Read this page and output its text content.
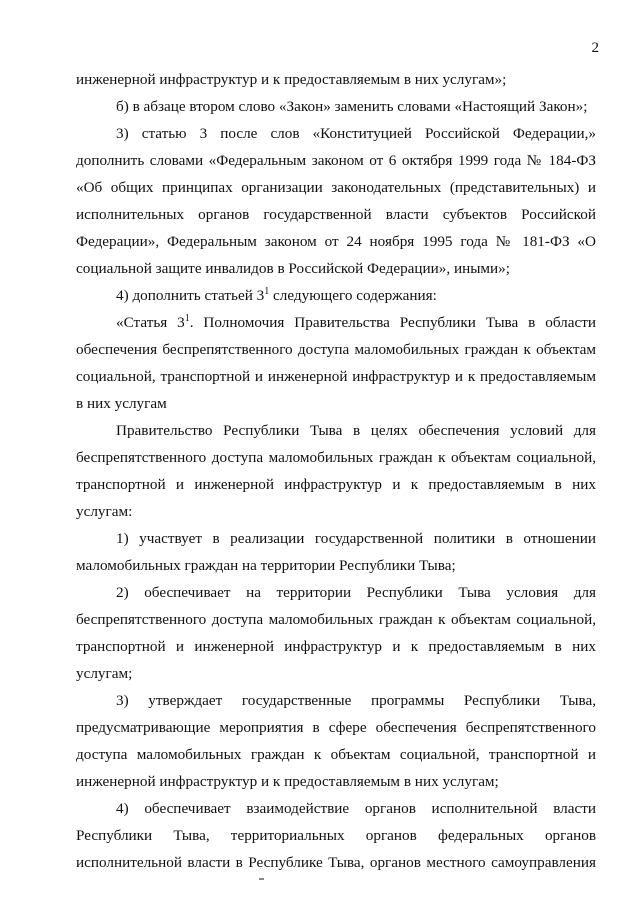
2
инженерной инфраструктур и к предоставляемым в них услугам»;
б) в абзаце втором слово «Закон» заменить словами «Настоящий Закон»;
3) статью 3 после слов «Конституцией Российской Федерации,»
дополнить словами «Федеральным законом от 6 октября 1999 года № 184-ФЗ
«Об общих принципах организации законодательных (представительных) и
исполнительных органов государственной власти субъектов Российской
Федерации», Федеральным законом от 24 ноября 1995 года № 181-ФЗ «О
социальной защите инвалидов в Российской Федерации», иными»;
4) дополнить статьей $3^1$ следующего содержания:
«Статья $3^1$. Полномочия Правительства Республики Тыва в области
обеспечения беспрепятственного доступа маломобильных граждан к объектам
социальной, транспортной и инженерной инфраструктур и к предоставляемым
в них услугам
Правительство Республики Тыва в целях обеспечения условий для
беспрепятственного доступа маломобильных граждан к объектам социальной,
транспортной и инженерной инфраструктур и к предоставляемым в них
услугам:
1) участвует в реализации государственной политики в отношении
маломобильных граждан на территории Республики Тыва;
2) обеспечивает на территории Республики Тыва условия для
беспрепятственного доступа маломобильных граждан к объектам социальной,
транспортной и инженерной инфраструктур и к предоставляемым в них
услугам;
3) утверждает государственные программы Республики Тыва,
предусматривающие мероприятия в сфере обеспечения беспрепятственного
доступа маломобильных граждан к объектам социальной, транспортной и
инженерной инфраструктур и к предоставляемым в них услугам;
4) обеспечивает взаимодействие органов исполнительной власти
Республики Тыва, территориальных органов федеральных органов
исполнительной власти в Республике Тыва, органов местного самоуправления
